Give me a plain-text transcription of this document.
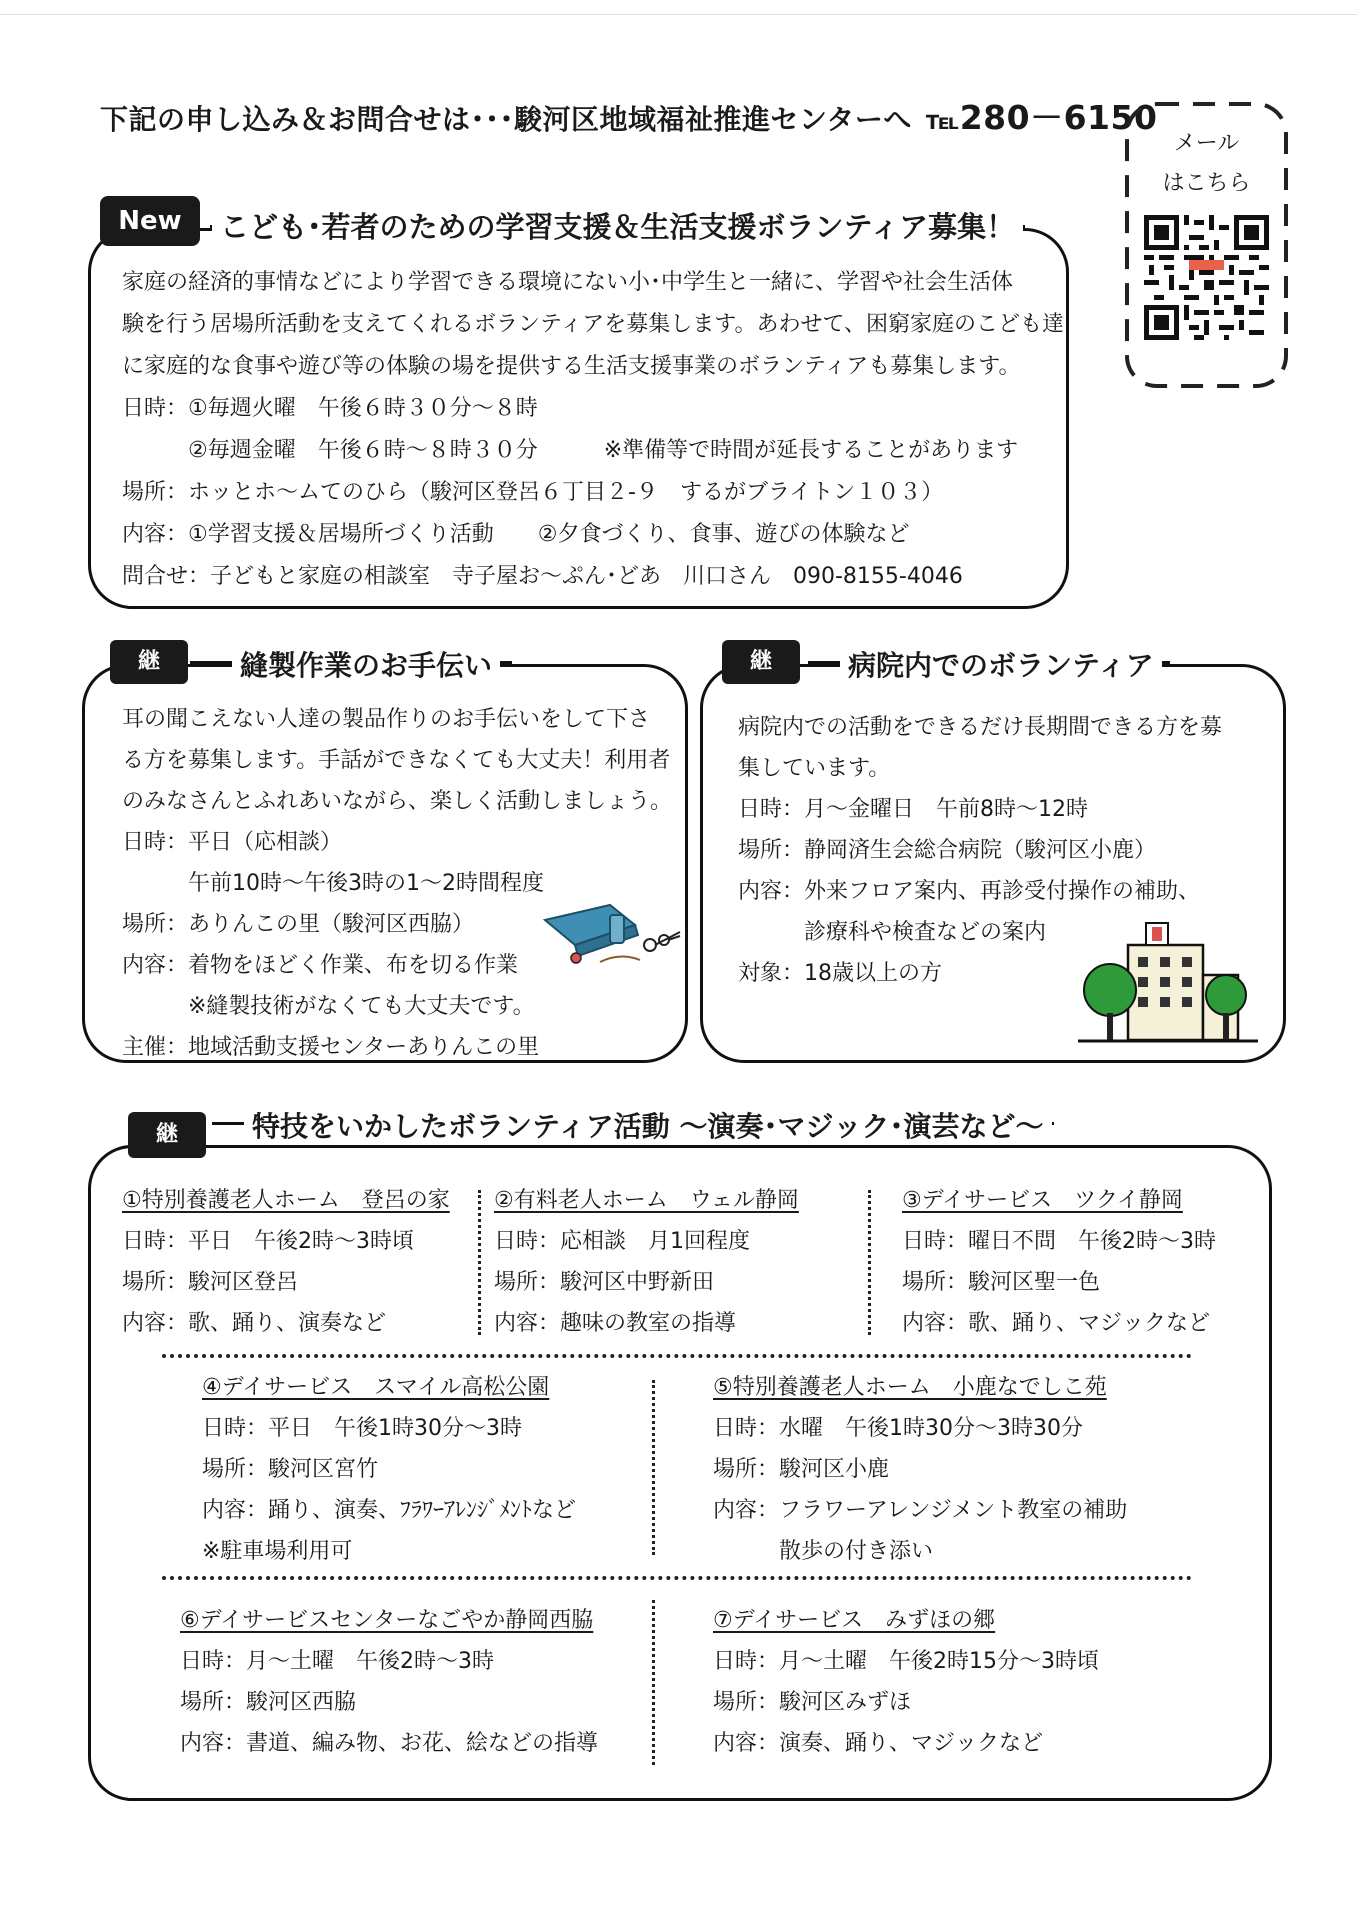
下記の申し込み＆お問合せは･･･駿河区地域福祉推進センターへ ℡280－6150
メール
はこちら
New	こども･若者のための学習支援＆生活支援ボランティア募集！
家庭の経済的事情などにより学習できる環境にない小･中学生と一緒に、学習や社会生活体
験を行う居場所活動を支えてくれるボランティアを募集します。あわせて、困窮家庭のこども達
に家庭的な食事や遊び等の体験の場を提供する生活支援事業のボランティアも募集します。
日時：①毎週火曜　午後６時３０分～８時
　　　②毎週金曜　午後６時～８時３０分　　　※準備等で時間が延長することがあります
場所：ホッとホ～ムてのひら（駿河区登呂６丁目２-９　するがブライトン１０３）
内容：①学習支援＆居場所づくり活動　　②夕食づくり、食事、遊びの体験など
問合せ：子どもと家庭の相談室　寺子屋お～ぷん･どあ　川口さん　090-8155-4046
継	縫製作業のお手伝い
耳の聞こえない人達の製品作りのお手伝いをして下さ
る方を募集します。手話ができなくても大丈夫！利用者
のみなさんとふれあいながら、楽しく活動しましょう。
日時：平日（応相談）
　　　午前10時～午後3時の1～2時間程度
場所：ありんこの里（駿河区西脇）
内容：着物をほどく作業、布を切る作業
　　　※縫製技術がなくても大丈夫です。
主催：地域活動支援センターありんこの里
継	病院内でのボランティア
病院内での活動をできるだけ長期間できる方を募
集しています。
日時：月～金曜日　午前8時～12時
場所：静岡済生会総合病院（駿河区小鹿）
内容：外来フロア案内、再診受付操作の補助、
　　　診療科や検査などの案内
対象：18歳以上の方
継	特技をいかしたボランティア活動 ～演奏･マジック･演芸など～
①特別養護老人ホーム　登呂の家
日時：平日　午後2時～3時頃
場所：駿河区登呂
内容：歌、踊り、演奏など
②有料老人ホーム　ウェル静岡
日時：応相談　月1回程度
場所：駿河区中野新田
内容：趣味の教室の指導
③デイサービス　ツクイ静岡
日時：曜日不問　午後2時～3時
場所：駿河区聖一色
内容：歌、踊り、マジックなど
④デイサービス　スマイル高松公園
日時：平日　午後1時30分～3時
場所：駿河区宮竹
内容：踊り、演奏、ﾌﾗﾜｰｱﾚﾝｼﾞﾒﾝﾄなど
※駐車場利用可
⑤特別養護老人ホーム　小鹿なでしこ苑
日時：水曜　午後1時30分～3時30分
場所：駿河区小鹿
内容：フラワーアレンジメント教室の補助
　　　散歩の付き添い
⑥デイサービスセンターなごやか静岡西脇
日時：月～土曜　午後2時～3時
場所：駿河区西脇
内容：書道、編み物、お花、絵などの指導
⑦デイサービス　みずほの郷
日時：月～土曜　午後2時15分～3時頃
場所：駿河区みずほ
内容：演奏、踊り、マジックなど
